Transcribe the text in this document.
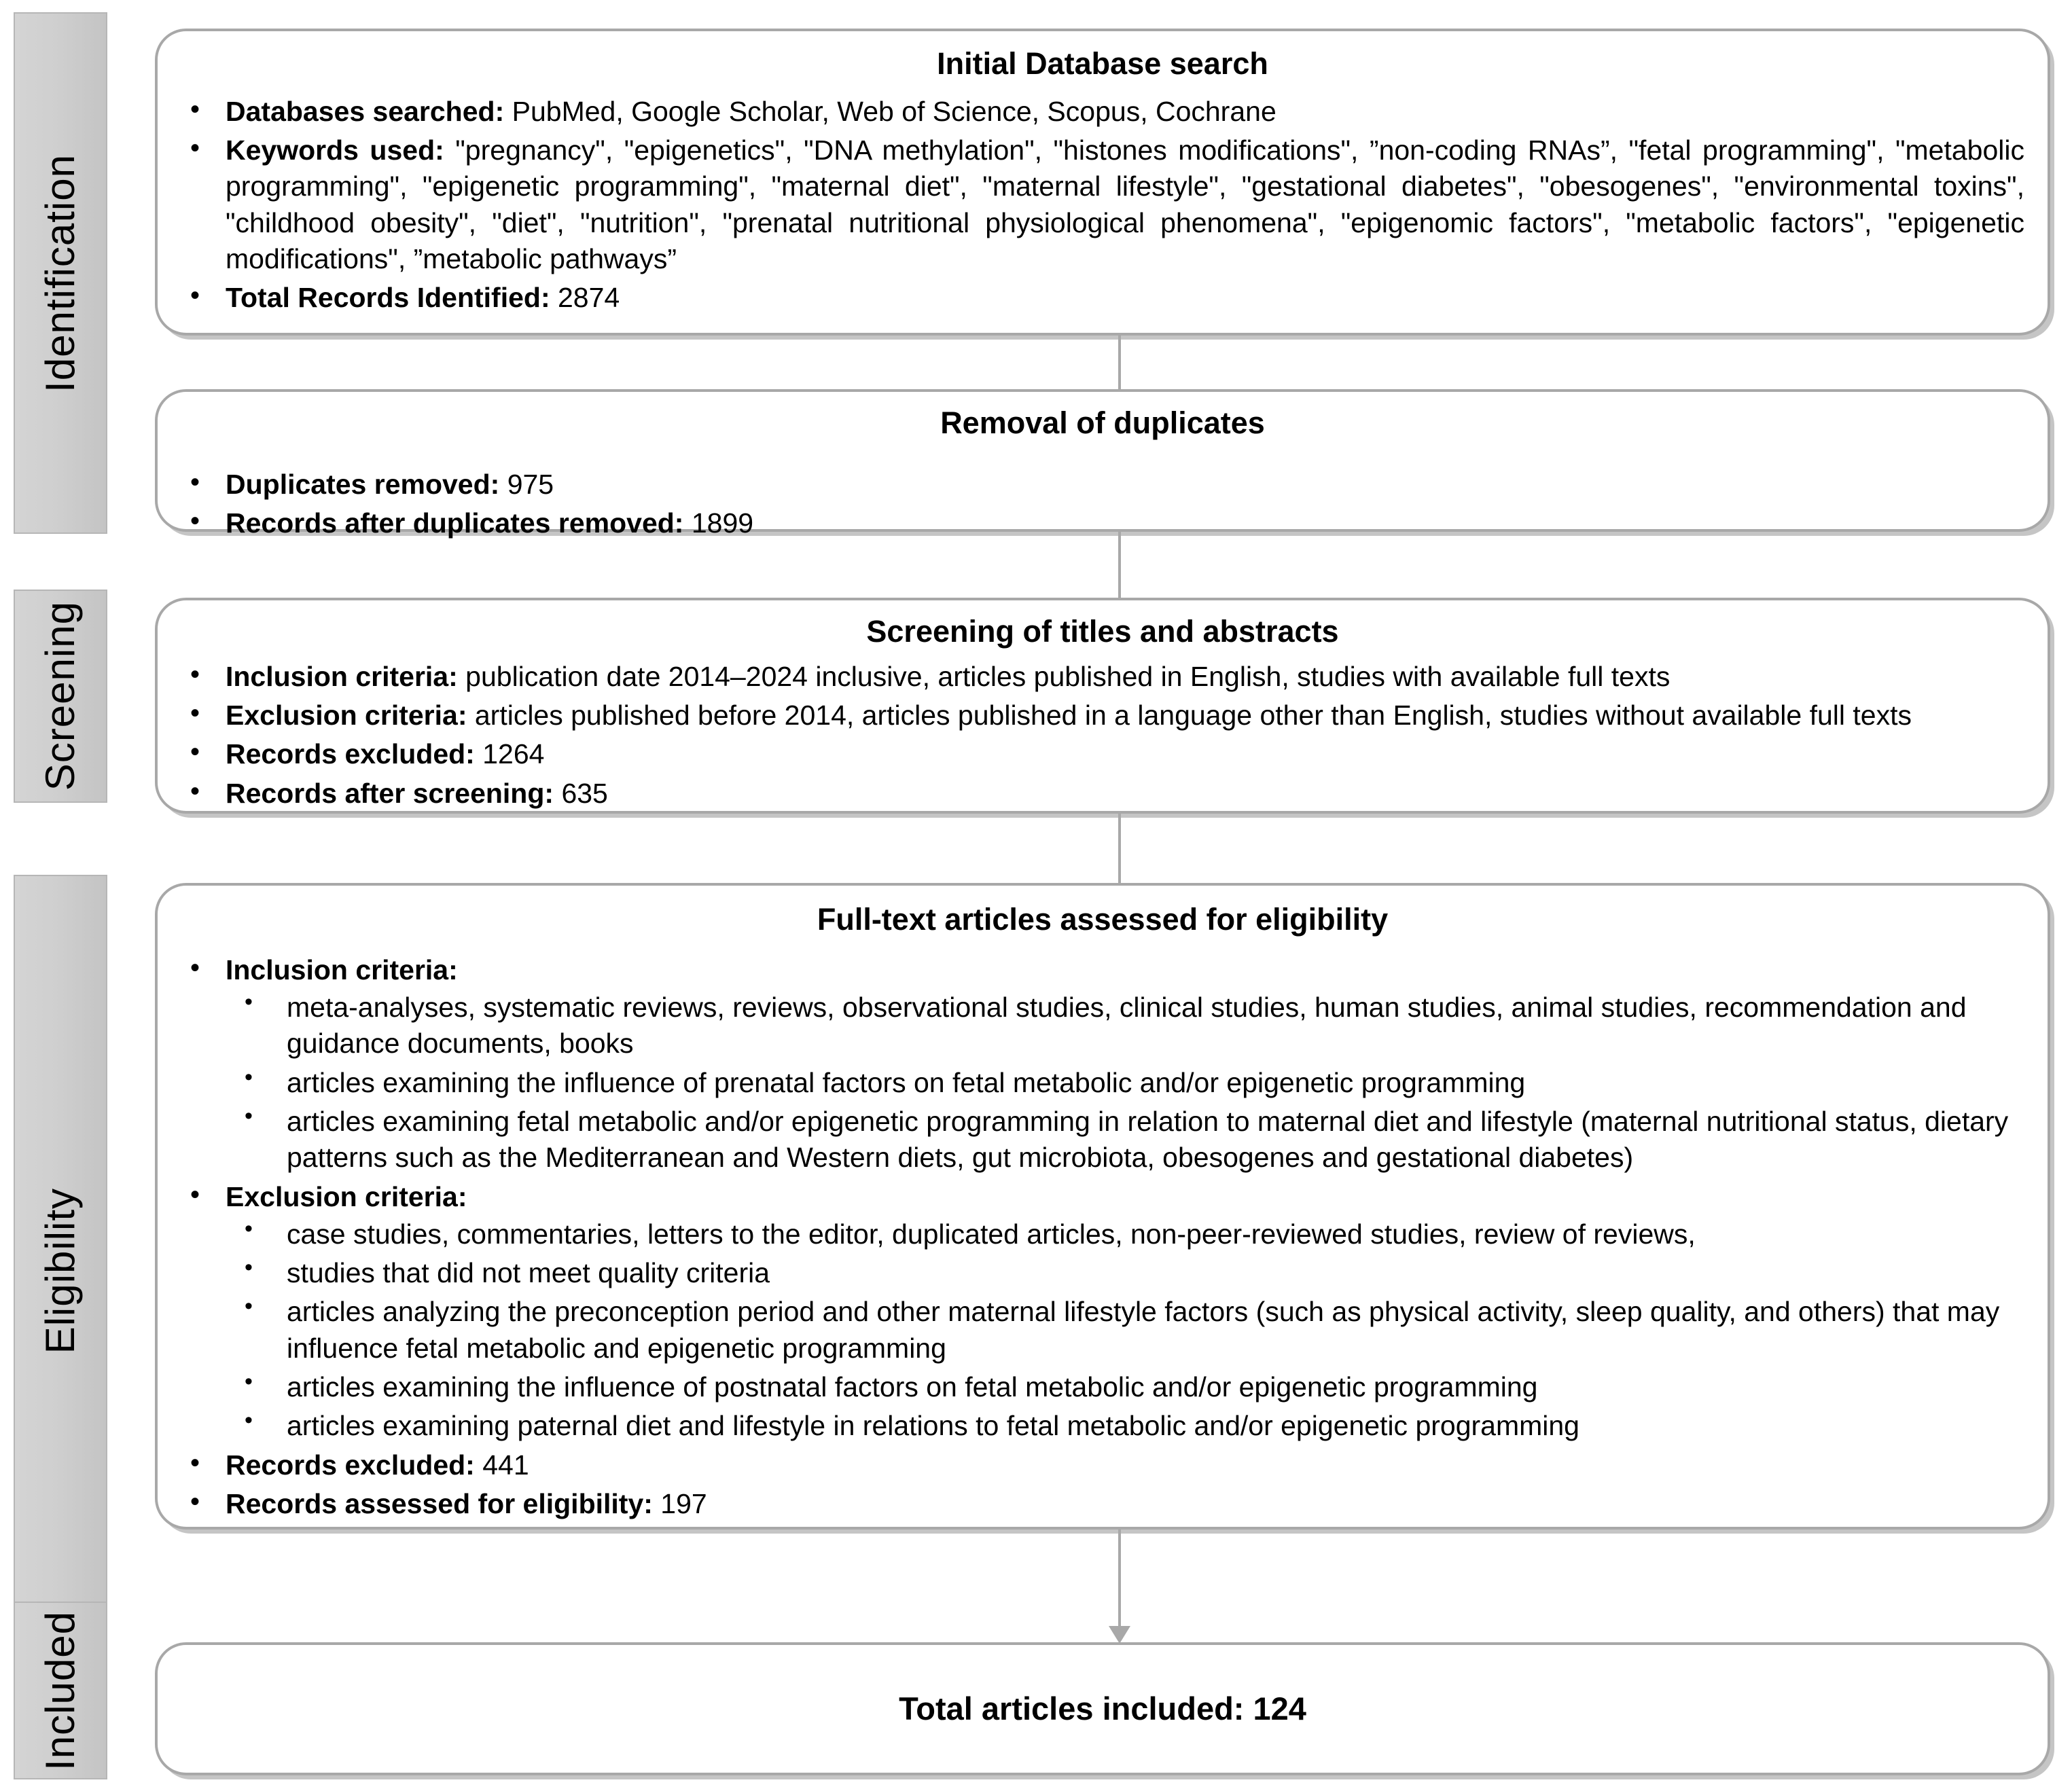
Identification
Screening
Eligibility
Included
Initial Database search
• Databases searched: PubMed, Google Scholar, Web of Science, Scopus, Cochrane
• Keywords used: "pregnancy", "epigenetics", "DNA methylation", "histones modifications", ”non-coding RNAs”, "fetal programming", "metabolic programming", "epigenetic programming", "maternal diet", "maternal lifestyle", "gestational diabetes", "obesogenes", "environmental toxins", "childhood obesity", "diet", "nutrition", "prenatal nutritional physiological phenomena", "epigenomic factors", "metabolic factors", "epigenetic modifications", ”metabolic pathways”
• Total Records Identified: 2874
Removal of duplicates
• Duplicates removed: 975
• Records after duplicates removed: 1899
Screening of titles and abstracts
• Inclusion criteria: publication date 2014–2024 inclusive, articles published in English, studies with available full texts
• Exclusion criteria: articles published before 2014, articles published in a language other than English, studies without available full texts
• Records excluded: 1264
• Records after screening: 635
Full-text articles assessed for eligibility
• Inclusion criteria:
• meta-analyses, systematic reviews, reviews, observational studies, clinical studies, human studies, animal studies, recommendation and guidance documents, books
• articles examining the influence of prenatal factors on fetal metabolic and/or epigenetic programming
• articles examining fetal metabolic and/or epigenetic programming in relation to maternal diet and lifestyle (maternal nutritional status, dietary patterns such as the Mediterranean and Western diets, gut microbiota, obesogenes and gestational diabetes)
• Exclusion criteria:
• case studies, commentaries, letters to the editor, duplicated articles, non-peer-reviewed studies, review of reviews,
• studies that did not meet quality criteria
• articles analyzing the preconception period and other maternal lifestyle factors (such as physical activity, sleep quality, and others) that may influence fetal metabolic and epigenetic programming
• articles examining the influence of postnatal factors on fetal metabolic and/or epigenetic programming
• articles examining paternal diet and lifestyle in relations to fetal metabolic and/or epigenetic programming
• Records excluded: 441
• Records assessed for eligibility: 197
Total articles included: 124
